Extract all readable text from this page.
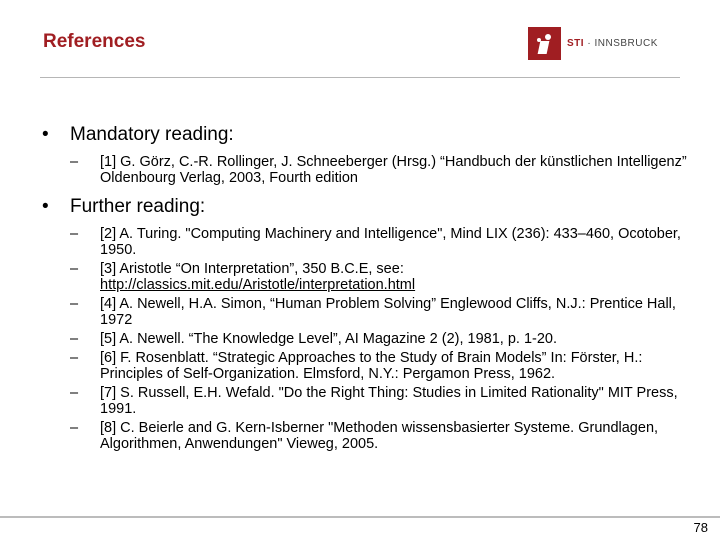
References	STI · INNSBRUCK
•	Mandatory reading:
–	[1] G. Görz, C.-R. Rollinger, J. Schneeberger (Hrsg.) “Handbuch der künstlichen Intelligenz” Oldenbourg Verlag, 2003, Fourth edition
•	Further reading:
–	[2] A. Turing. "Computing Machinery and Intelligence", Mind LIX (236): 433–460, Ocotober, 1950.
–	[3] Aristotle “On Interpretation”, 350 B.C.E, see:
http://classics.mit.edu/Aristotle/interpretation.html
–	[4] A. Newell, H.A. Simon, “Human Problem Solving” Englewood Cliffs, N.J.: Prentice Hall, 1972
–	[5] A. Newell. “The Knowledge Level”, AI Magazine 2 (2), 1981, p. 1-20.
–	[6] F. Rosenblatt. “Strategic Approaches to the Study of Brain Models” In: Förster, H.: Principles of Self-Organization. Elmsford, N.Y.: Pergamon Press, 1962.
–	[7] S. Russell, E.H. Wefald. "Do the Right Thing: Studies in Limited Rationality" MIT Press, 1991.
–	[8] C. Beierle and G. Kern-Isberner "Methoden wissensbasierter Systeme. Grundlagen, Algorithmen, Anwendungen" Vieweg, 2005.
78
